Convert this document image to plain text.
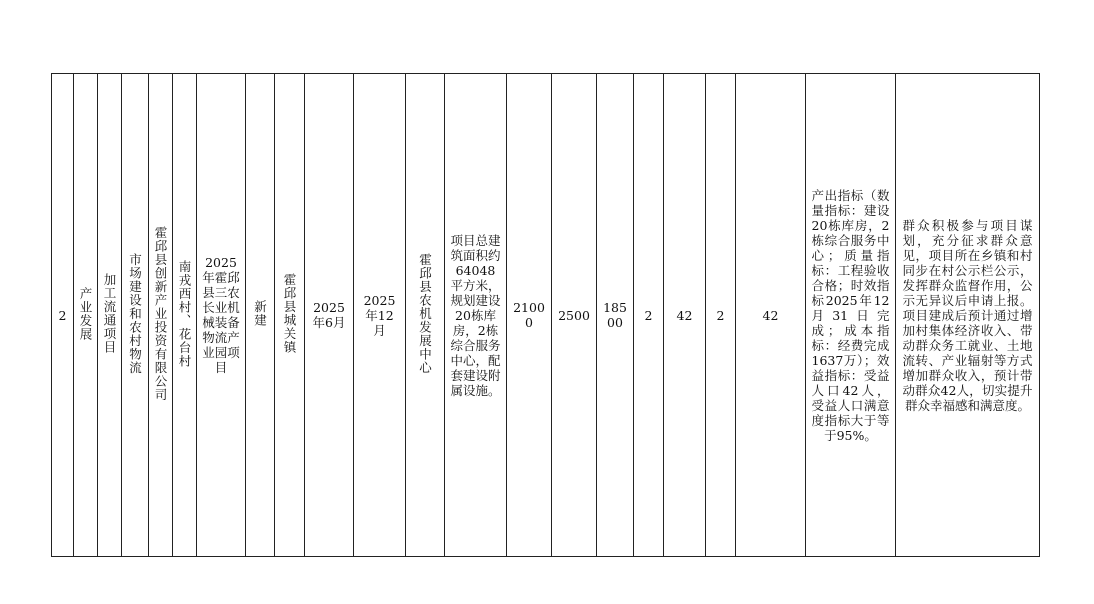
2	产业发展	加工流通项目	市场建设和农村物流	霍邱县创新产业投资有限公司	南戎西村、花台村	2025年霍邱县三农长业机械装备物流产业园项目	新建	霍邱县城关镇	2025年6月	2025年12月	霍邱县农机发展中心	项目总建筑面积约64048平方米，规划建设20栋库房，2栋综合服务中心，配套建设附属设施。	21000	2500	18500	2	42	2	42	产出指标（数量指标：建设20栋库房，2栋综合服务中心；质量指标：工程验收合格；时效指标2025年12月31日完成；成本指标：经费完成1637万）；效益指标：受益人口42人，受益人口满意度指标大于等于95%。	群众积极参与项目谋划，充分征求群众意见，项目所在乡镇和村同步在村公示栏公示，发挥群众监督作用，公示无异议后申请上报。项目建成后预计通过增加村集体经济收入、带动群众务工就业、土地流转、产业辐射等方式增加群众收入，预计带动群众42人，切实提升群众幸福感和满意度。
